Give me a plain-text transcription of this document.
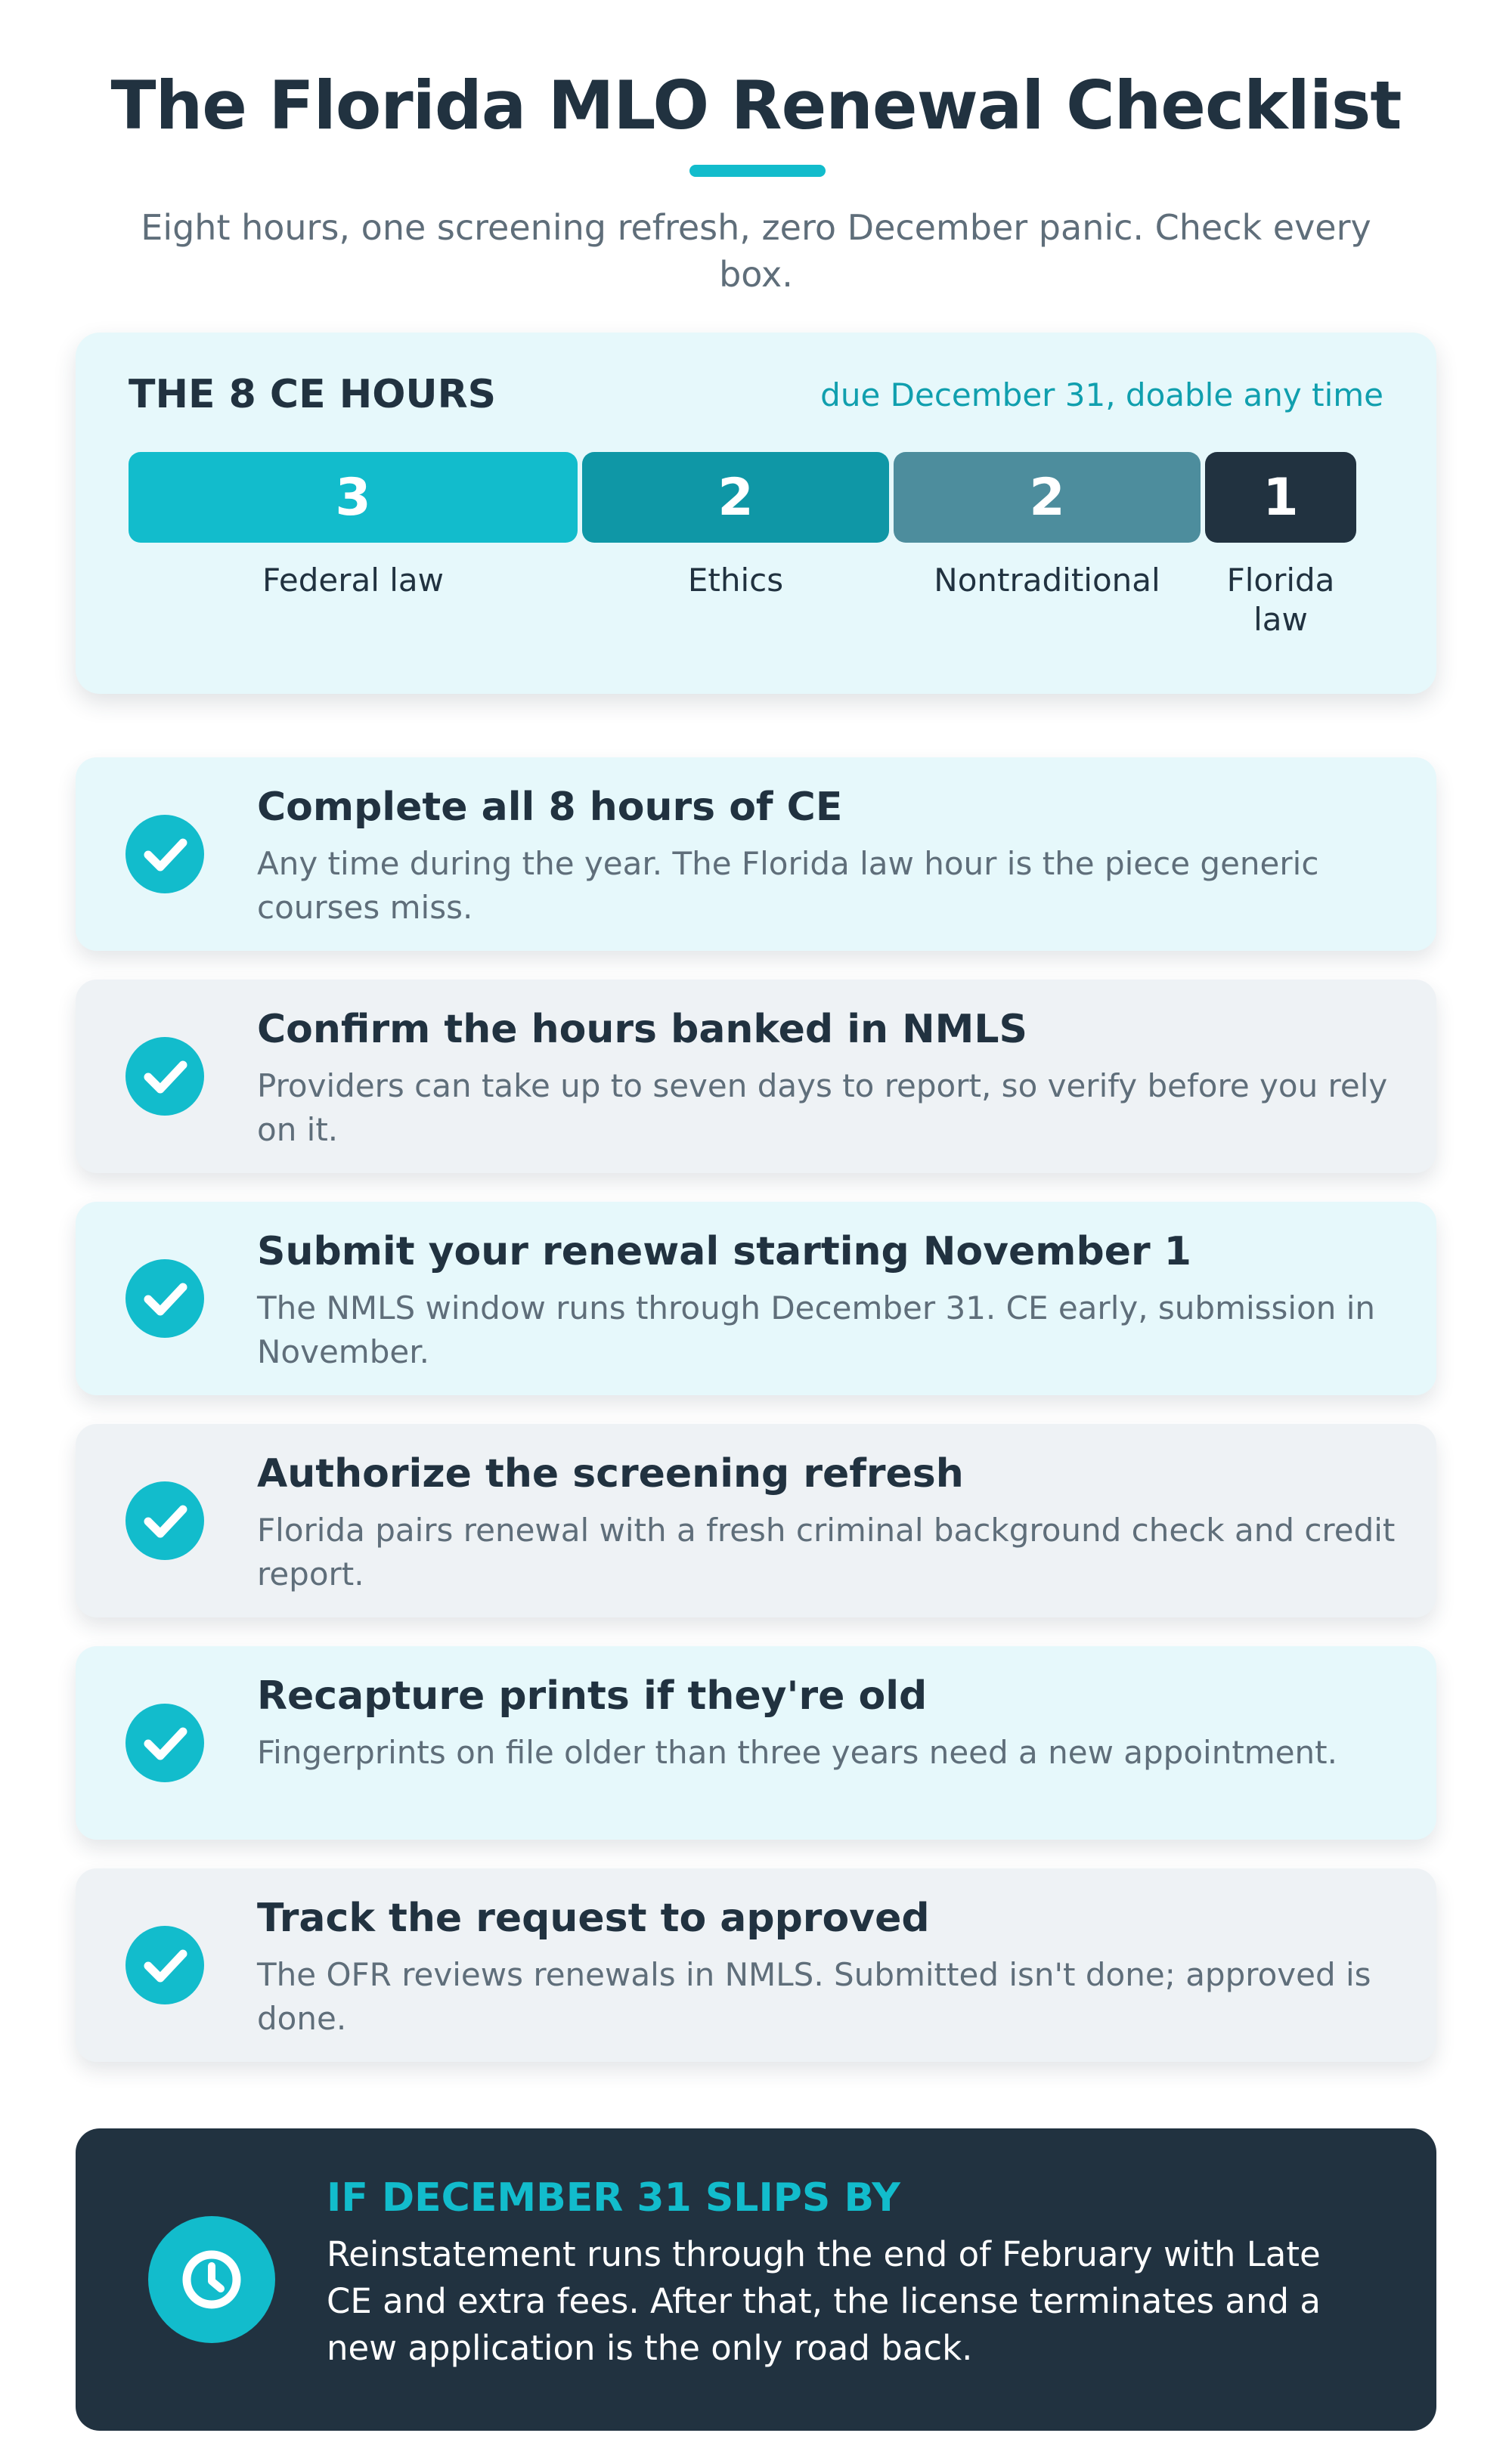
The Florida MLO Renewal Checklist
Eight hours, one screening refresh, zero December panic. Check every box.
THE 8 CE HOURS	due December 31, doable any time
3	2	2	1
Federal law	Ethics	Nontraditional	Florida law
Complete all 8 hours of CE
Any time during the year. The Florida law hour is the piece generic courses miss.
Confirm the hours banked in NMLS
Providers can take up to seven days to report, so verify before you rely on it.
Submit your renewal starting November 1
The NMLS window runs through December 31. CE early, submission in November.
Authorize the screening refresh
Florida pairs renewal with a fresh criminal background check and credit report.
Recapture prints if they're old
Fingerprints on file older than three years need a new appointment.
Track the request to approved
The OFR reviews renewals in NMLS. Submitted isn't done; approved is done.
IF DECEMBER 31 SLIPS BY
Reinstatement runs through the end of February with Late CE and extra fees. After that, the license terminates and a new application is the only road back.
